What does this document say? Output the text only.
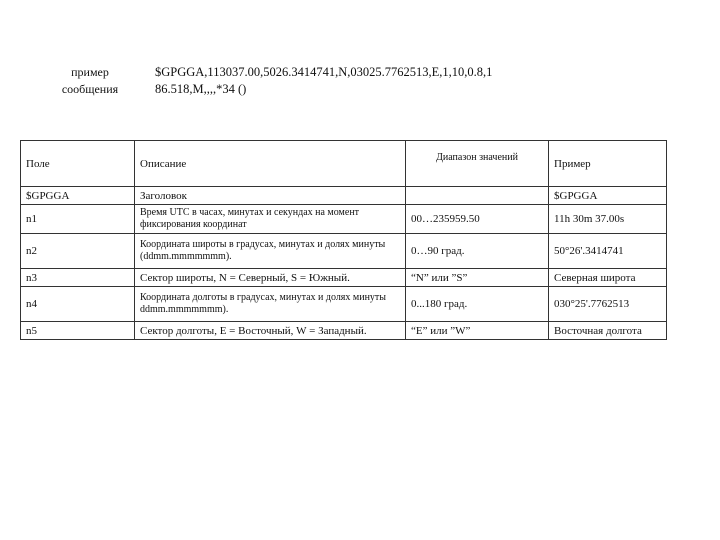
пример
сообщения
$GPGGA,113037.00,5026.3414741,N,03025.7762513,E,1,10,0.8,1
86.518,M,,,,*34 ()
Поле	Описание	Диапазон значений	Пример
$GPGGA	Заголовок		$GPGGA
n1	Время UTC в часах, минутах и секундах на момент фиксирования координат	00…235959.50	11h 30m 37.00s
n2	Координата широты в градусах, минутах и долях минуты (ddmm.mmmmmmm).	0…90 град.	50°26'.3414741
n3	Сектор широты, N = Северный, S = Южный.	“N” или ”S”	Северная широта
n4	Координата долготы в градусах, минутах и долях минуты ddmm.mmmmmmm).	0...180 град.	030°25'.7762513
n5	Сектор долготы, E = Восточный, W = Западный.	“E” или ”W”	Восточная долгота
